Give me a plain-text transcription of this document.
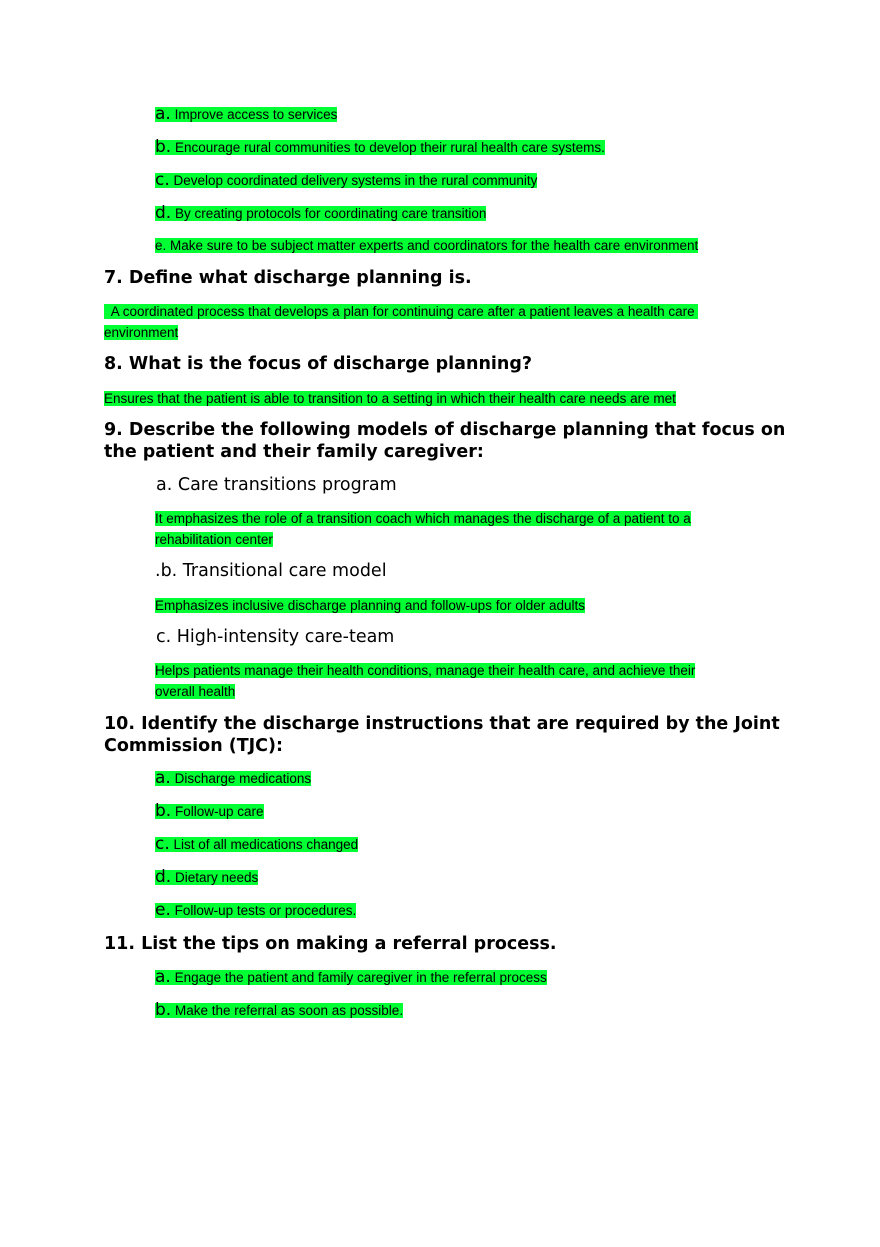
a. Improve access to services
b. Encourage rural communities to develop their rural health care systems.
c. Develop coordinated delivery systems in the rural community
d. By creating protocols for coordinating care transition
e. Make sure to be subject matter experts and coordinators for the health care environment
7. Define what discharge planning is.
A coordinated process that develops a plan for continuing care after a patient leaves a health care
environment
8. What is the focus of discharge planning?
Ensures that the patient is able to transition to a setting in which their health care needs are met
9. Describe the following models of discharge planning that focus on the patient and their family caregiver:
a. Care transitions program
It emphasizes the role of a transition coach which manages the discharge of a patient to a
rehabilitation center
.b. Transitional care model
Emphasizes inclusive discharge planning and follow-ups for older adults
c. High-intensity care-team
Helps patients manage their health conditions, manage their health care, and achieve their
overall health
10. Identify the discharge instructions that are required by the Joint Commission (TJC):
a. Discharge medications
b. Follow-up care
c. List of all medications changed
d. Dietary needs
e. Follow-up tests or procedures.
11. List the tips on making a referral process.
a. Engage the patient and family caregiver in the referral process
b. Make the referral as soon as possible.
